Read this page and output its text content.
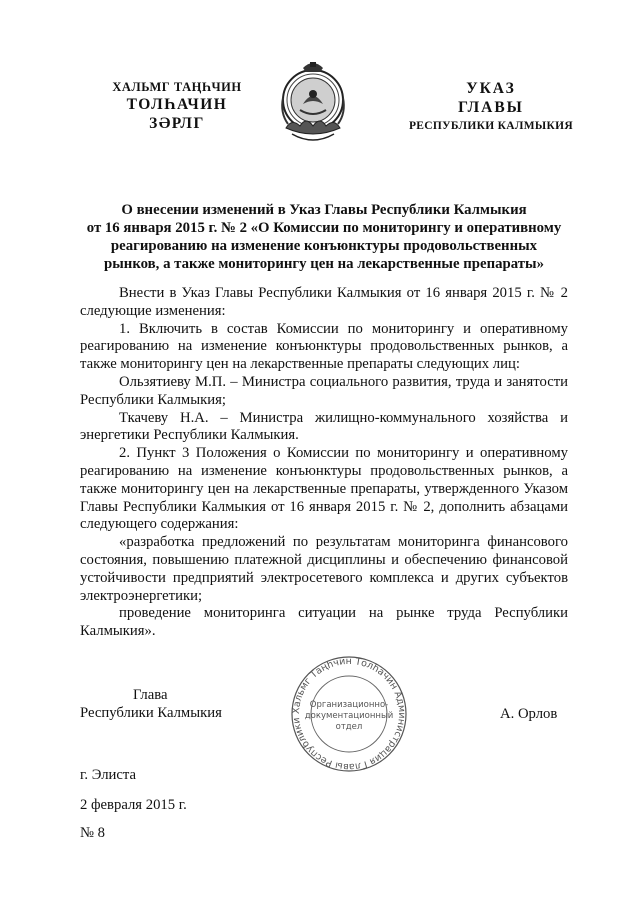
ХАЛЬМГ ТАҢҺЧИН
ТОЛҺАЧИН
ЗӘРЛГ
УКАЗ
ГЛАВЫ
РЕСПУБЛИКИ КАЛМЫКИЯ
О внесении изменений в Указ Главы Республики Калмыкия
от 16 января 2015 г. № 2 «О Комиссии по мониторингу и оперативному
реагированию на изменение конъюнктуры продовольственных
рынков, а также мониторингу цен на лекарственные препараты»

Внести в Указ Главы Республики Калмыкия от 16 января 2015 г. № 2 следующие изменения:

1. Включить в состав Комиссии по мониторингу и оперативному реагированию на изменение конъюнктуры продовольственных рынков, а также мониторингу цен на лекарственные препараты следующих лиц:

Ользятиеву М.П. – Министра социального развития, труда и занятости Республики Калмыкия;

Ткачеву Н.А. – Министра жилищно-коммунального хозяйства и энергетики Республики Калмыкия.

2. Пункт 3 Положения о Комиссии по мониторингу и оперативному реагированию на изменение конъюнктуры продовольственных рынков, а также мониторингу цен на лекарственные препараты, утвержденного Указом Главы Республики Калмыкия от 16 января 2015 г. № 2, дополнить абзацами следующего содержания:

«разработка предложений по результатам мониторинга финансового состояния, повышению платежной дисциплины и обеспечению финансовой устойчивости предприятий электросетевого комплекса и других субъектов электроэнергетики;

проведение мониторинга ситуации на рынке труда Республики Калмыкия».

Глава
Республики Калмыкия	Хальмг Таңһчин Толһачин Администрация Главы Республики
Организационно-
документационный
отдел
А. Орлов
г. Элиста
2 февраля 2015 г.
№ 8
